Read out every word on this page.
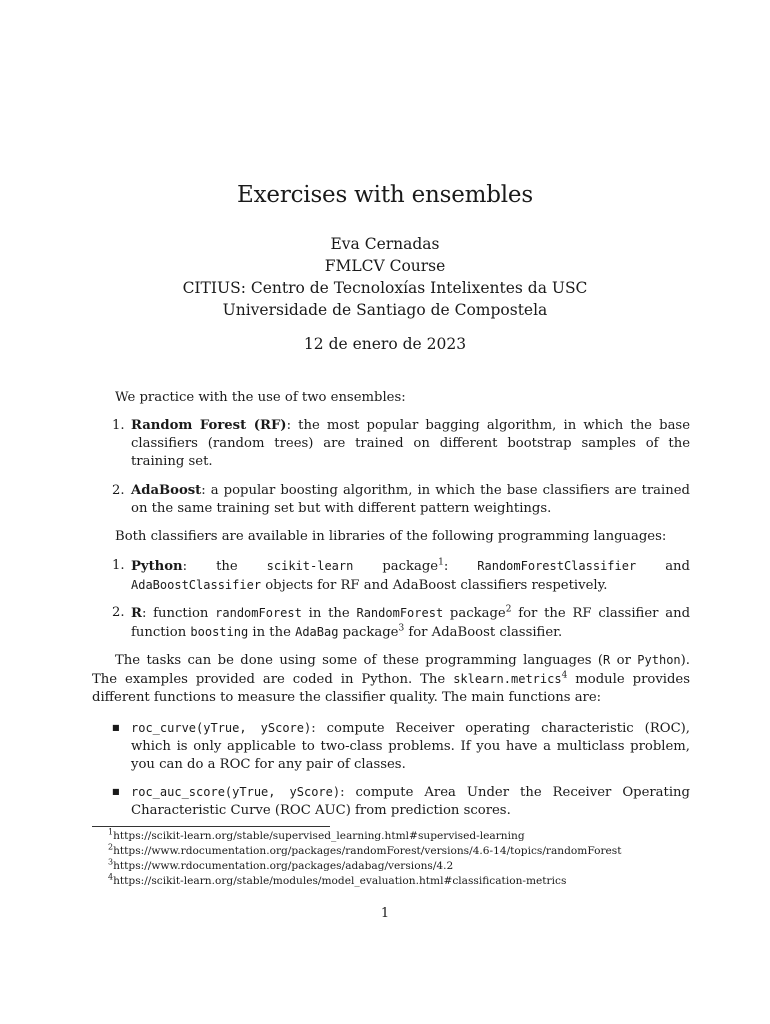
Exercises with ensembles
Eva Cernadas
FMLCV Course
CITIUS: Centro de Tecnoloxías Intelixentes da USC
Universidade de Santiago de Compostela
12 de enero de 2023

We practice with the use of two ensembles:

1. Random Forest (RF): the most popular bagging algorithm, in which the base classifiers (random trees) are trained on different bootstrap samples of the training set.
2. AdaBoost: a popular boosting algorithm, in which the base classifiers are trained on the same training set but with different pattern weightings.

Both classifiers are available in libraries of the following programming languages:

1. Python: the scikit-learn package$^1$: RandomForestClassifier and AdaBoostClassifier objects for RF and AdaBoost classifiers respetively.
2. R: function randomForest in the RandomForest package$^2$ for the RF classifier and function boosting in the AdaBag package$^3$ for AdaBoost classifier.

The tasks can be done using some of these programming languages (R or Python). The examples provided are coded in Python. The sklearn.metrics$^4$ module provides different functions to measure the classifier quality. The main functions are:

■ roc_curve(yTrue, yScore): compute Receiver operating characteristic (ROC), which is only applicable to two-class problems. If you have a multiclass problem, you can do a ROC for any pair of classes.
■ roc_auc_score(yTrue, yScore): compute Area Under the Receiver Operating Characteristic Curve (ROC AUC) from prediction scores.
$^1$https://scikit-learn.org/stable/supervised_learning.html#supervised-learning
$^2$https://www.rdocumentation.org/packages/randomForest/versions/4.6-14/topics/randomForest
$^3$https://www.rdocumentation.org/packages/adabag/versions/4.2
$^4$https://scikit-learn.org/stable/modules/model_evaluation.html#classification-metrics
1
